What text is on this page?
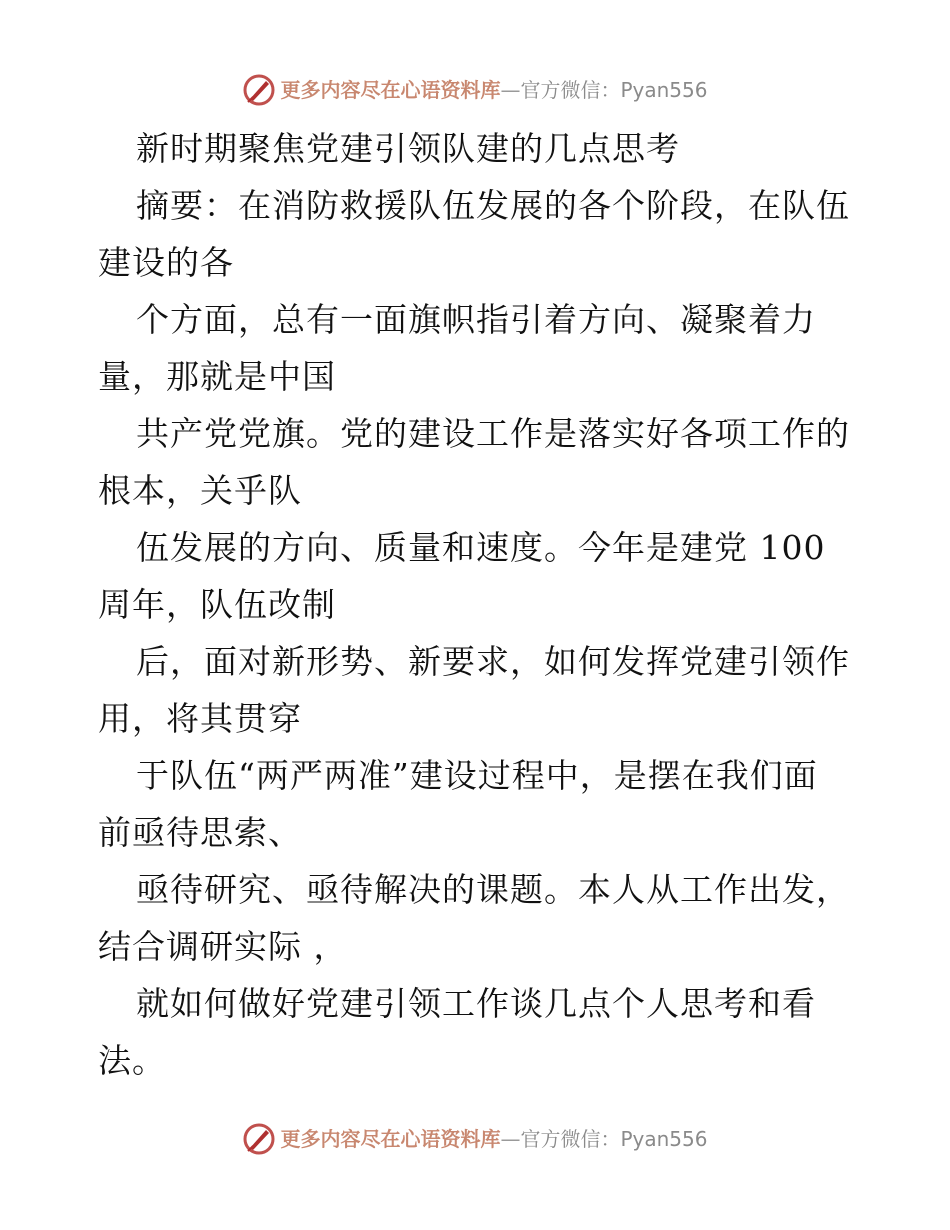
更多内容尽在心语资料库 — 官方微信：Pyan556
新时期聚焦党建引领队建的几点思考
摘要：在消防救援队伍发展的各个阶段，在队伍
建设的各
个方面，总有一面旗帜指引着方向、凝聚着力
量，那就是中国
共产党党旗。党的建设工作是落实好各项工作的
根本，关乎队
伍发展的方向、质量和速度。今年是建党 100
周年，队伍改制
后，面对新形势、新要求，如何发挥党建引领作
用，将其贯穿
于队伍“两严两准”建设过程中，是摆在我们面
前亟待思索、
亟待研究、亟待解决的课题。本人从工作出发，
结合调研实际 ，
就如何做好党建引领工作谈几点个人思考和看
法。
更多内容尽在心语资料库 — 官方微信：Pyan556
